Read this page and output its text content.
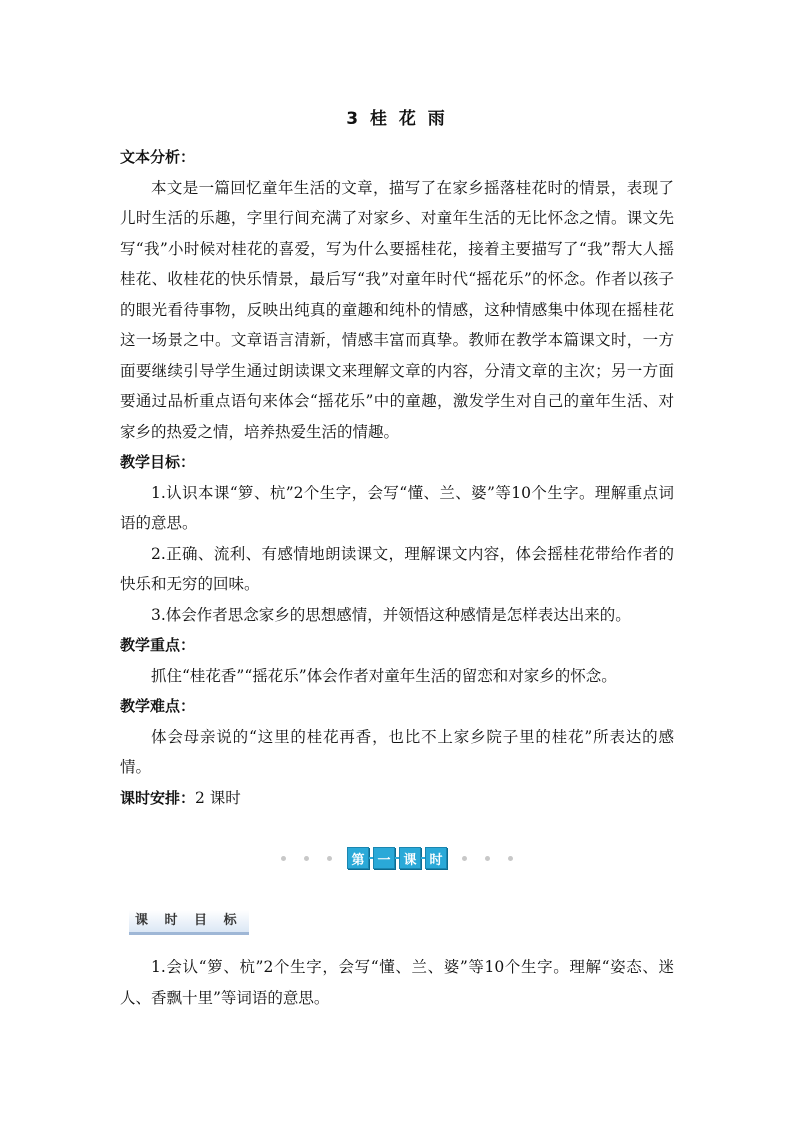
3 桂 花 雨
文本分析：
本文是一篇回忆童年生活的文章，描写了在家乡摇落桂花时的情景，表现了儿时生活的乐趣，字里行间充满了对家乡、对童年生活的无比怀念之情。课文先写“我”小时候对桂花的喜爱，写为什么要摇桂花，接着主要描写了“我”帮大人摇桂花、收桂花的快乐情景，最后写“我”对童年时代“摇花乐”的怀念。作者以孩子的眼光看待事物，反映出纯真的童趣和纯朴的情感，这种情感集中体现在摇桂花这一场景之中。文章语言清新，情感丰富而真挚。教师在教学本篇课文时，一方面要继续引导学生通过朗读课文来理解文章的内容，分清文章的主次；另一方面要通过品析重点语句来体会“摇花乐”中的童趣，激发学生对自己的童年生活、对家乡的热爱之情，培养热爱生活的情趣。
教学目标：
1.认识本课“箩、杭”2个生字，会写“懂、兰、婆”等10个生字。理解重点词语的意思。
2.正确、流利、有感情地朗读课文，理解课文内容，体会摇桂花带给作者的快乐和无穷的回味。
3.体会作者思念家乡的思想感情，并领悟这种感情是怎样表达出来的。
教学重点：
抓住“桂花香”“摇花乐”体会作者对童年生活的留恋和对家乡的怀念。
教学难点：
体会母亲说的“这里的桂花再香，也比不上家乡院子里的桂花”所表达的感情。
课时安排：2 课时
第 一 课 时
课 时 目 标
1.会认“箩、杭”2个生字，会写“懂、兰、婆”等10个生字。理解“姿态、迷人、香飘十里”等词语的意思。
